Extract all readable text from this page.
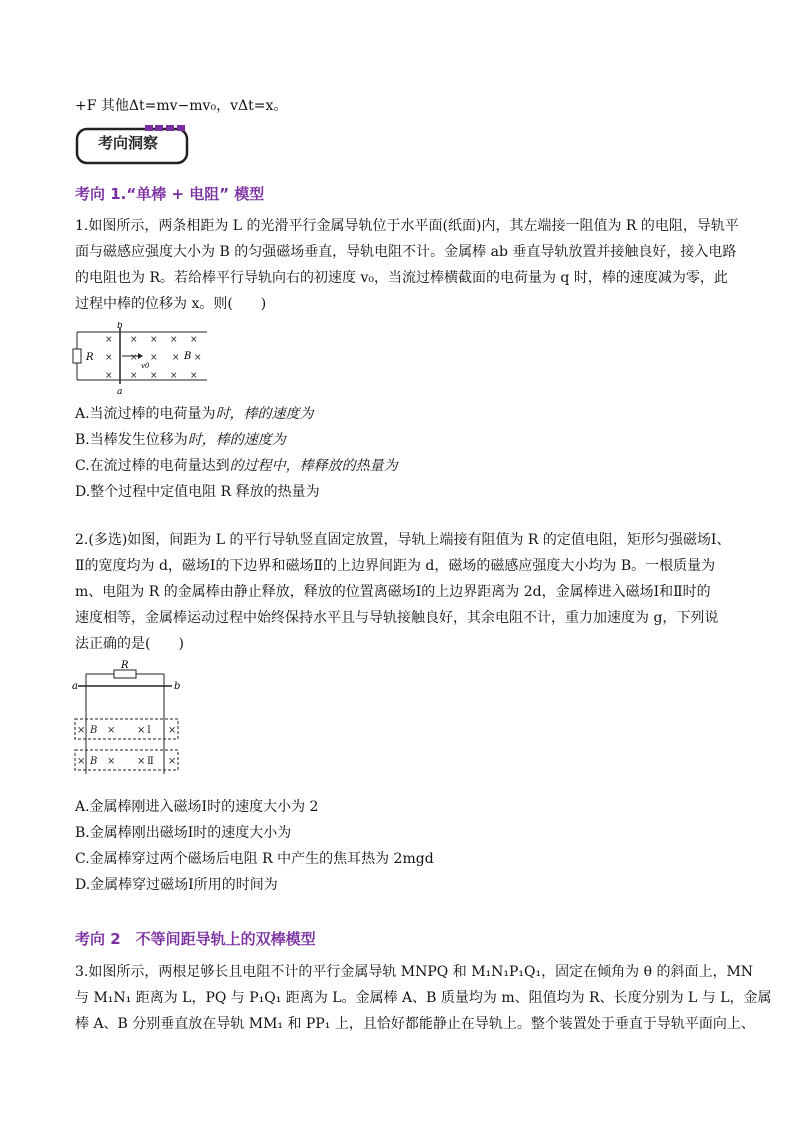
+F 其他Δt=mv−mv₀，vΔt=x。
考向洞察
考向 1.“单棒 + 电阻” 模型
1.如图所示，两条相距为 L 的光滑平行金属导轨位于水平面(纸面)内，其左端接一阻值为 R 的电阻，导轨平
面与磁感应强度大小为 B 的匀强磁场垂直，导轨电阻不计。金属棒 ab 垂直导轨放置并接触良好，接入电路
的电阻也为 R。若给棒平行导轨向右的初速度 v₀，当流过棒横截面的电荷量为 q 时，棒的速度减为零，此
过程中棒的位移为 x。则(　　)
R
b
a
× × × × ×
× × × × ×
× × × × ×
B
v0
A.当流过棒的电荷量为时，棒的速度为
B.当棒发生位移为时，棒的速度为
C.在流过棒的电荷量达到的过程中，棒释放的热量为
D.整个过程中定值电阻 R 释放的热量为
2.(多选)如图，间距为 L 的平行导轨竖直固定放置，导轨上端接有阻值为 R 的定值电阻，矩形匀强磁场Ⅰ、
Ⅱ的宽度均为 d，磁场Ⅰ的下边界和磁场Ⅱ的上边界间距为 d，磁场的磁感应强度大小均为 B。一根质量为
m、电阻为 R 的金属棒由静止释放，释放的位置离磁场Ⅰ的上边界距离为 2d，金属棒进入磁场Ⅰ和Ⅱ时的
速度相等，金属棒运动过程中始终保持水平且与导轨接触良好，其余电阻不计，重力加速度为 g，下列说
法正确的是(　　)
R
a	b
× B × × Ⅰ ×
× B × × Ⅱ ×
A.金属棒刚进入磁场Ⅰ时的速度大小为 2
B.金属棒刚出磁场Ⅰ时的速度大小为
C.金属棒穿过两个磁场后电阻 R 中产生的焦耳热为 2mgd
D.金属棒穿过磁场Ⅰ所用的时间为
考向 2　不等间距导轨上的双棒模型
3.如图所示，两根足够长且电阻不计的平行金属导轨 MNPQ 和 M₁N₁P₁Q₁，固定在倾角为 θ 的斜面上，MN
与 M₁N₁ 距离为 L，PQ 与 P₁Q₁ 距离为 L。金属棒 A、B 质量均为 m、阻值均为 R、长度分别为 L 与 L，金属
棒 A、B 分别垂直放在导轨 MM₁ 和 PP₁ 上，且恰好都能静止在导轨上。整个装置处于垂直于导轨平面向上、
